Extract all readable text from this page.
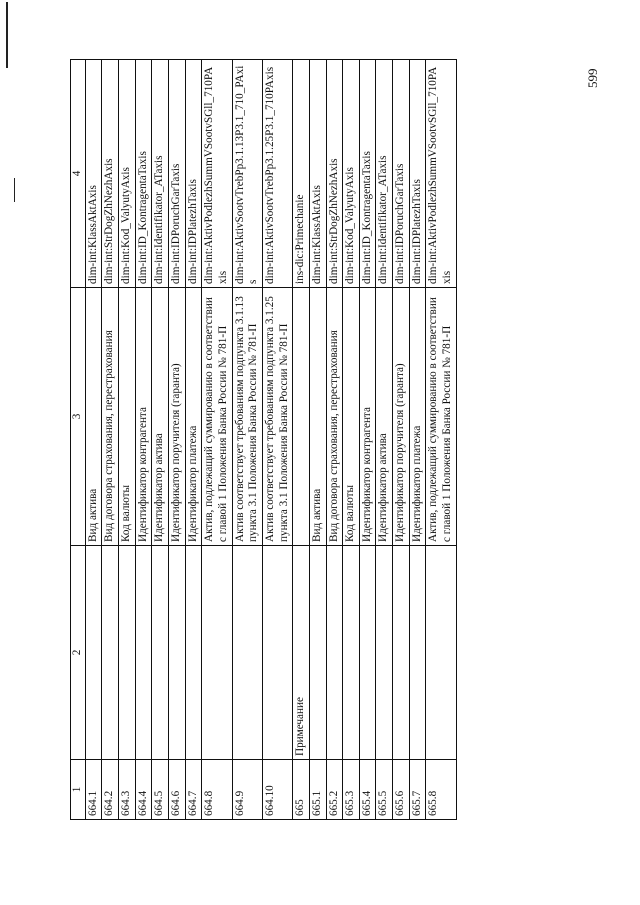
599
1	2	3	4
664.1		Вид актива	dim-int:KlassAktAxis
664.2		Вид договора страхования, перестрахования	dim-int:StrDogZhNezhAxis
664.3		Код валюты	dim-int:Kod_ValyutyAxis
664.4		Идентификатор контрагента	dim-int:ID_KontragentaTaxis
664.5		Идентификатор актива	dim-int:Identifikator_ATaxis
664.6		Идентификатор поручителя (гаранта)	dim-int:IDPoruchGarTaxis
664.7		Идентификатор платежа	dim-int:IDPlatezhTaxis
664.8		Актив, подлежащий суммированию в соответствии с главой 1 Положения Банка России № 781-П	dim-int:AktivPodlezhSummVSootvSGll_710PAxis
664.9		Актив соответствует требованиям подпункта 3.1.13 пункта 3.1 Положения Банка России № 781-П	dim-int:AktivSootvTrebPp3.1.13P3.1_710_PAxis
664.10		Актив соответствует требованиям подпункта 3.1.25 пункта 3.1 Положения Банка России № 781-П	dim-int:AktivSootvTrebPp3.1.25P3.1_710PAxis
665	Примечание		ins-dic:Primechanie
665.1		Вид актива	dim-int:KlassAktAxis
665.2		Вид договора страхования, перестрахования	dim-int:StrDogZhNezhAxis
665.3		Код валюты	dim-int:Kod_ValyutyAxis
665.4		Идентификатор контрагента	dim-int:ID_KontragentaTaxis
665.5		Идентификатор актива	dim-int:Identifikator_ATaxis
665.6		Идентификатор поручителя (гаранта)	dim-int:IDPoruchGarTaxis
665.7		Идентификатор платежа	dim-int:IDPlatezhTaxis
665.8		Актив, подлежащий суммированию в соответствии с главой 1 Положения Банка России № 781-П	dim-int:AktivPodlezhSummVSootvSGll_710PAxis
